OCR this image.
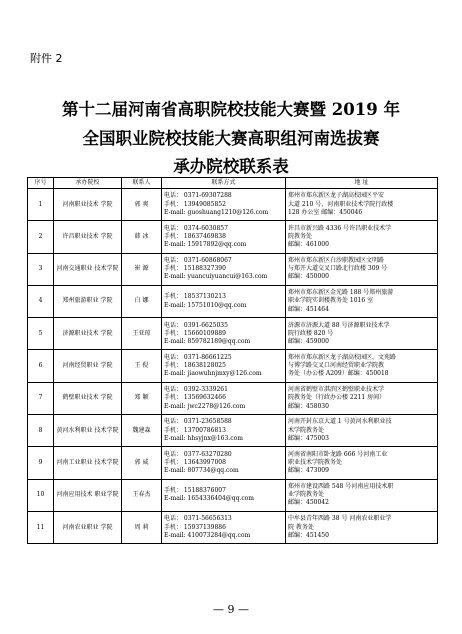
附件 2
第十二届河南省高职院校技能大赛暨 2019 年
全国职业院校技能大赛高职组河南选拔赛
承办院校联系表
序号	承办院校	联系人	联系方式	地 址
1	河南职业技术 学院	郭 爽	电话： 0371-69307288
手机： 13949085852
E-mail: guoshuang1210@126.com	郑州市郑东新区龙子湖高校园区平安
大道 210 号，河南职业技术学院行政楼
128 办公室 邮编：450046
2	许昌职业技术 学院	韩 冰	电话： 0374-6030857
手机： 18637469838
E-mail: 15917892@qq.com	许昌市新兴路 4336 号许昌职业技术学
院教务处
邮编：461000
3	河南交通职业 技术学院	崔 源	电话： 0371-60868067
手机： 15188327390
E-mail: yuancuiyuancui@163.com	郑州市郑东新区白沙职教园区文明路
与郑开大道交叉口路北行政楼 309 号
邮编：450000
4	郑州旅游职业 学院	白 娜	手机： 18537130213
E-mail: 15751010@qq.com	郑州市郑东新区金光路 188 号郑州旅游
职业学院实训楼教务处 1016 室
邮编：451464
5	济源职业技术 学院	王亚琼	电话： 0391-6625035
手机： 15660109889
E-mail: 859782189@qq.com	济源市济源大道 88 号济源职业技术学
院行政楼 820 号
邮编：459000
6	河南经贸职业 学院	王 倪	电话： 0371-86661225
手机： 18638128025
E-mail: jiaowuhnjmxy@126.com	郑州市郑东新区龙子湖高校园区，文苑路
与博学路交叉口河南经贸职业学院教
务处（办公楼 A209）邮编：450018
7	鹤壁职业技术 学院	郑 颖	电话： 0392-3339261
手机： 13569632466
E-mail: jwc2278@126.com	河南省鹤壁市淇滨区鹤壁职业技术学
院教务处（行政办公楼 2211 房间）
邮编：458030
8	黄河水利职业 技术学院	魏建森	电话： 0371-23658588
手机： 13700786813
E-mail: hhsyjnx@163.com	河南开封东京大道 1 号黄河水利职业技
术学院教务处
邮编：475003
9	河南工业职业 技术学院	郭 威	电话： 0377-63270280
手机： 13643997008
E-mail: 807734@qq.com	河南省南阳市卧龙路 666 号河南工业
职业技术学院教务处
邮编：473009
10	河南应用技术 职业学院	王春杰	手机： 15188376007
E-mail: 1654336404@qq.com	郑州市建设西路 548 号河南应用技术职
业学院教务处
邮编：450042
11	河南农业职业 学院	周 莉	电话： 0371-56656313
手机： 15937139886
E-mail: 410073284@qq.com	中牟县青年西路 38 号 河南农业职业学
院 教务处
邮编：451450
— 9 —
